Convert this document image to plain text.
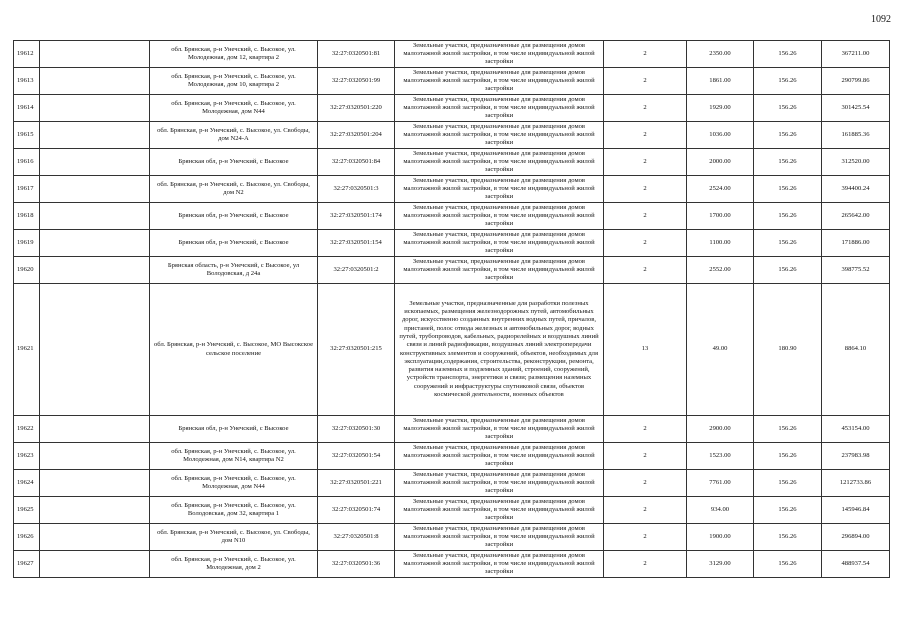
1092
19612		обл. Брянская, р-н Унечский, с. Высокое, ул. Молодежная, дом 12, квартира 2	32:27:0320501:81	Земельные участки, предназначенные для размещения домов малоэтажной жилой застройки, в том числе индивидуальной жилой застройки	2	2350.00	156.26	367211.00
19613		обл. Брянская, р-н Унечский, с. Высокое, ул. Молодежная, дом 10, квартира 2	32:27:0320501:99	Земельные участки, предназначенные для размещения домов малоэтажной жилой застройки, в том числе индивидуальной жилой застройки	2	1861.00	156.26	290799.86
19614		обл. Брянская, р-н Унечский, с. Высокое, ул. Молодежная, дом N44	32:27:0320501:220	Земельные участки, предназначенные для размещения домов малоэтажной жилой застройки, в том числе индивидуальной жилой застройки	2	1929.00	156.26	301425.54
19615		обл. Брянская, р-н Унечский, с. Высокое, ул. Свободы, дом N24-А	32:27:0320501:204	Земельные участки, предназначенные для размещения домов малоэтажной жилой застройки, в том числе индивидуальной жилой застройки	2	1036.00	156.26	161885.36
19616		Брянская обл, р-н Унечский, с Высокое	32:27:0320501:84	Земельные участки, предназначенные для размещения домов малоэтажной жилой застройки, в том числе индивидуальной жилой застройки	2	2000.00	156.26	312520.00
19617		обл. Брянская, р-н Унечский, с. Высокое, ул. Свободы, дом N2	32:27:0320501:3	Земельные участки, предназначенные для размещения домов малоэтажной жилой застройки, в том числе индивидуальной жилой застройки	2	2524.00	156.26	394400.24
19618		Брянская обл, р-н Унечский, с Высокое	32:27:0320501:174	Земельные участки, предназначенные для размещения домов малоэтажной жилой застройки, в том числе индивидуальной жилой застройки	2	1700.00	156.26	265642.00
19619		Брянская обл, р-н Унечский, с Высокое	32:27:0320501:154	Земельные участки, предназначенные для размещения домов малоэтажной жилой застройки, в том числе индивидуальной жилой застройки	2	1100.00	156.26	171886.00
19620		Брянская область, р-н Унечский, с Высокое, ул Володовская, д 24а	32:27:0320501:2	Земельные участки, предназначенные для размещения домов малоэтажной жилой застройки, в том числе индивидуальной жилой застройки	2	2552.00	156.26	398775.52
19621		обл. Брянская, р-н Унечский, с. Высокое, МО Высокское сельское поселение	32:27:0320501:215	Земельные участки, предназначенные для разработки полезных ископаемых, размещения железнодорожных путей, автомобильных дорог, искусственно созданных внутренних водных путей, причалов, пристаней, полос отвода железных и автомобильных дорог, водных путей, трубопроводов, кабельных, радиорелейных и воздушных линий связи и линий радиофикации, воздушных линий электропередачи конструктивных элементов и сооружений, объектов, необходимых для эксплуатации,содержания, строительства, реконструкции, ремонта, развития наземных и подземных зданий, строений, сооружений, устройств транспорта, энергетики и связи; размещения наземных сооружений и инфраструктуры спутниковой связи, объектов космической деятельности, военных объектов	13	49.00	180.90	8864.10
19622		Брянская обл, р-н Унечский, с Высокое	32:27:0320501:30	Земельные участки, предназначенные для размещения домов малоэтажной жилой застройки, в том числе индивидуальной жилой застройки	2	2900.00	156.26	453154.00
19623		обл. Брянская, р-н Унечский, с. Высокое, ул. Молодежная, дом N14, квартира N2	32:27:0320501:54	Земельные участки, предназначенные для размещения домов малоэтажной жилой застройки, в том числе индивидуальной жилой застройки	2	1523.00	156.26	237983.98
19624		обл. Брянская, р-н Унечский, с. Высокое, ул. Молодежная, дом N44	32:27:0320501:221	Земельные участки, предназначенные для размещения домов малоэтажной жилой застройки, в том числе индивидуальной жилой застройки	2	7761.00	156.26	1212733.86
19625		обл. Брянская, р-н Унечский, с. Высокое, ул. Володовская, дом 32, квартира 1	32:27:0320501:74	Земельные участки, предназначенные для размещения домов малоэтажной жилой застройки, в том числе индивидуальной жилой застройки	2	934.00	156.26	145946.84
19626		обл. Брянская, р-н Унечский, с. Высокое, ул. Свободы, дом N10	32:27:0320501:8	Земельные участки, предназначенные для размещения домов малоэтажной жилой застройки, в том числе индивидуальной жилой застройки	2	1900.00	156.26	296894.00
19627		обл. Брянская, р-н Унечский, с. Высокое, ул. Молодежная, дом 2	32:27:0320501:36	Земельные участки, предназначенные для размещения домов малоэтажной жилой застройки, в том числе индивидуальной жилой застройки	2	3129.00	156.26	488937.54
